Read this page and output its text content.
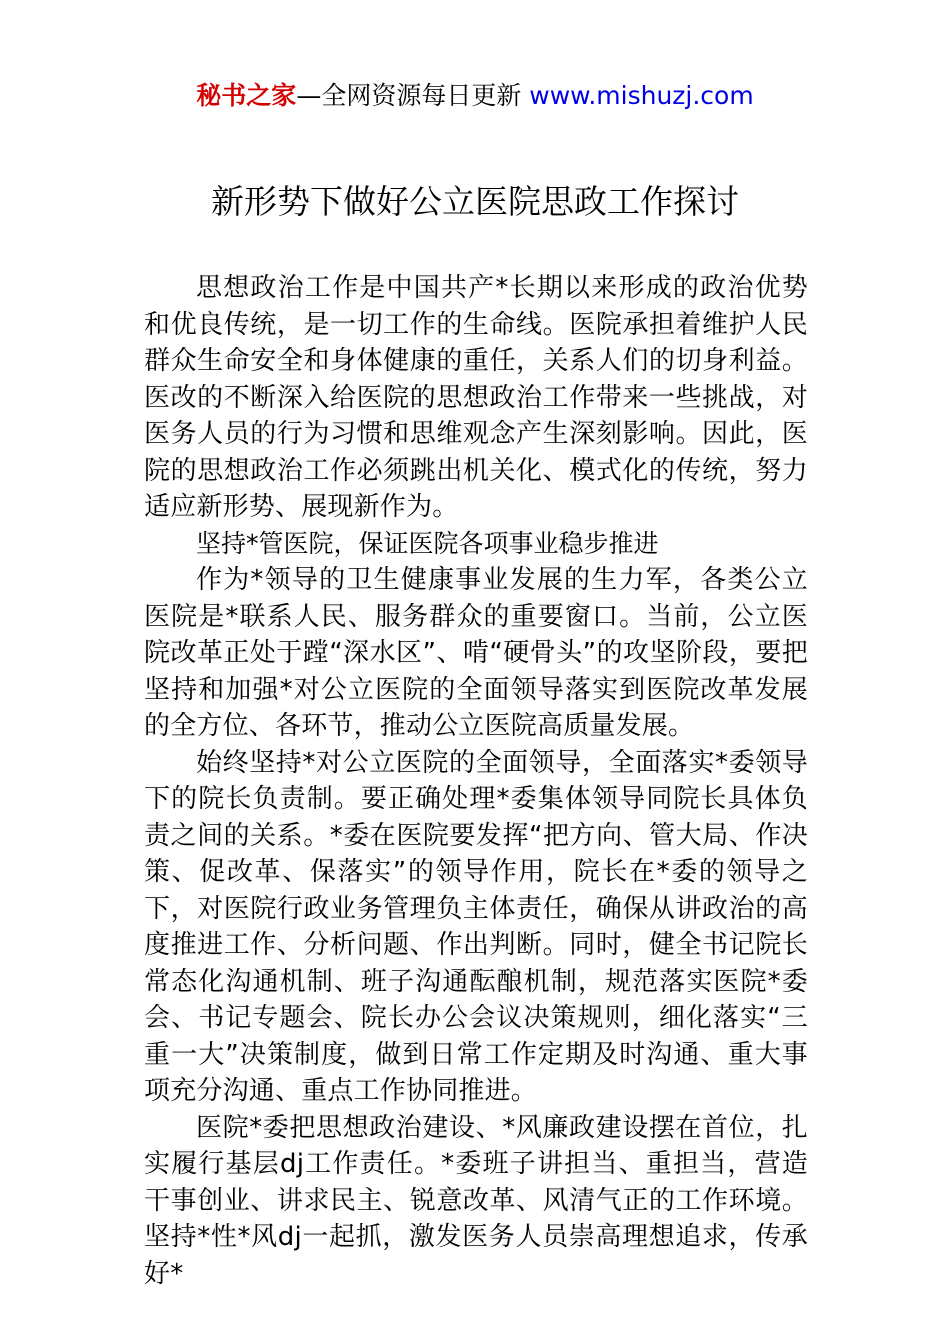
秘书之家—全网资源每日更新 www.mishuzj.com
新形势下做好公立医院思政工作探讨

思想政治工作是中国共产*长期以来形成的政治优势和优良传统，是一切工作的生命线。医院承担着维护人民群众生命安全和身体健康的重任，关系人们的切身利益。医改的不断深入给医院的思想政治工作带来一些挑战，对医务人员的行为习惯和思维观念产生深刻影响。因此，医院的思想政治工作必须跳出机关化、模式化的传统，努力适应新形势、展现新作为。

坚持*管医院，保证医院各项事业稳步推进

作为*领导的卫生健康事业发展的生力军，各类公立医院是*联系人民、服务群众的重要窗口。当前，公立医院改革正处于蹚“深水区”、啃“硬骨头”的攻坚阶段，要把坚持和加强*对公立医院的全面领导落实到医院改革发展的全方位、各环节，推动公立医院高质量发展。

始终坚持*对公立医院的全面领导，全面落实*委领导下的院长负责制。要正确处理*委集体领导同院长具体负责之间的关系。*委在医院要发挥“把方向、管大局、作决策、促改革、保落实”的领导作用，院长在*委的领导之下，对医院行政业务管理负主体责任，确保从讲政治的高度推进工作、分析问题、作出判断。同时，健全书记院长常态化沟通机制、班子沟通酝酿机制，规范落实医院*委会、书记专题会、院长办公会议决策规则，细化落实“三重一大”决策制度，做到日常工作定期及时沟通、重大事项充分沟通、重点工作协同推进。

医院*委把思想政治建设、*风廉政建设摆在首位，扎实履行基层dj工作责任。*委班子讲担当、重担当，营造干事创业、讲求民主、锐意改革、风清气正的工作环境。坚持*性*风dj一起抓，激发医务人员崇高理想追求，传承好*
